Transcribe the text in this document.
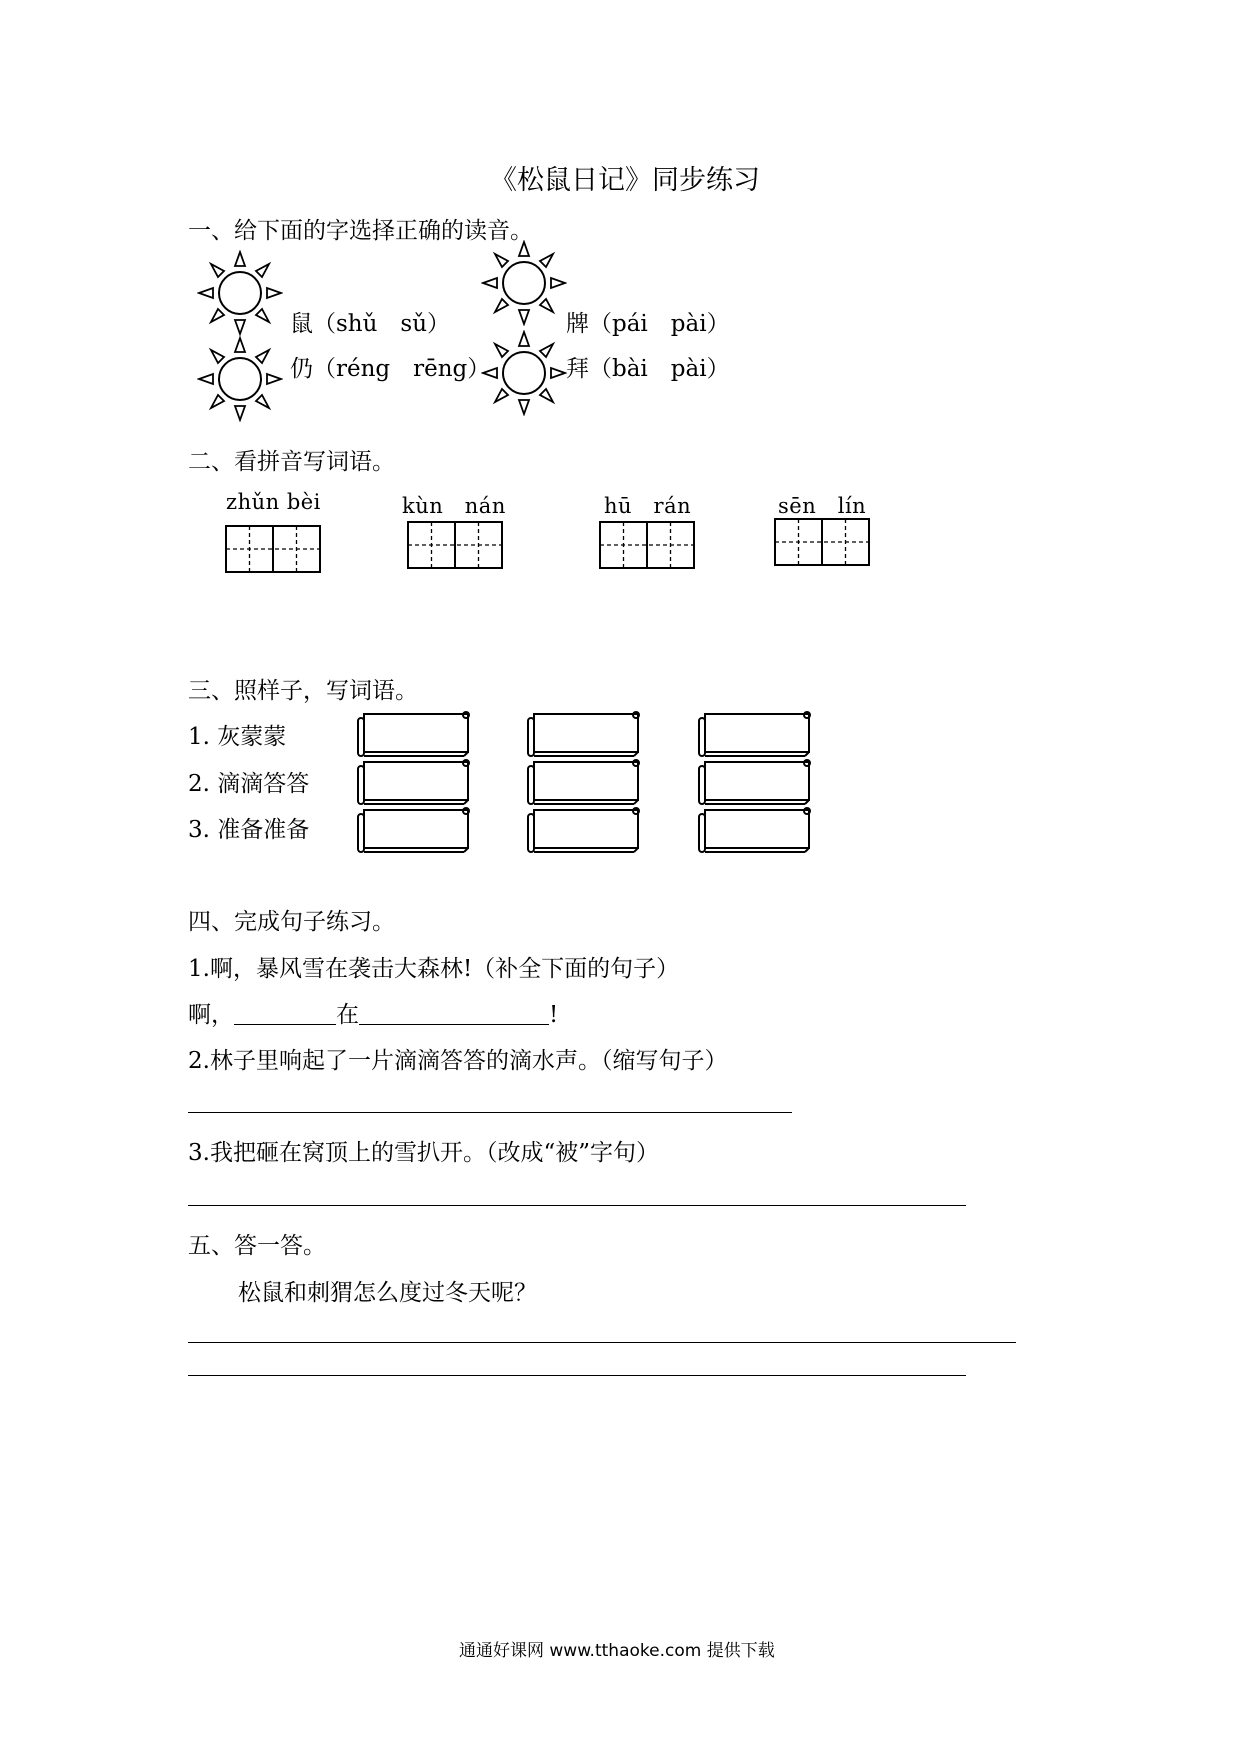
《松鼠日记》同步练习
一、给下面的字选择正确的读音。
鼠（shǔ　sǔ）	牌（pái　pài）
仍（réng　rēng）	拜（bài　pài）
二、看拼音写词语。
zhǔn bèi	kùn　nán	hū　rán	sēn　lín
三、照样子，写词语。
1. 灰蒙蒙
2. 滴滴答答
3. 准备准备
四、完成句子练习。
1.啊，暴风雪在袭击大森林!（补全下面的句子）
啊，	在	!
2.林子里响起了一片滴滴答答的滴水声。（缩写句子）
3.我把砸在窝顶上的雪扒开。（改成“被”字句）
五、答一答。
松鼠和刺猬怎么度过冬天呢？
通通好课网 www.tthaoke.com 提供下载
